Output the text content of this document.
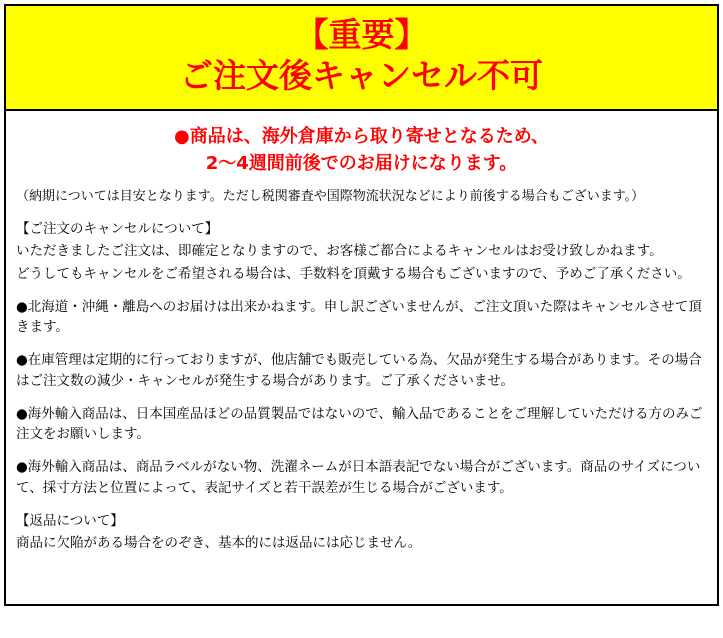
【重要】
ご注文後キャンセル不可
●商品は、海外倉庫から取り寄せとなるため、
2～4週間前後でのお届けになります。
（納期については目安となります。ただし税関審査や国際物流状況などにより前後する場合もございます。）
【ご注文のキャンセルについて】
いただきましたご注文は、即確定となりますので、お客様ご都合によるキャンセルはお受け致しかねます。
どうしてもキャンセルをご希望される場合は、手数料を頂戴する場合もございますので、予めご了承ください。
●北海道・沖縄・離島へのお届けは出来かねます。申し訳ございませんが、ご注文頂いた際はキャンセルさせて頂きます。
●在庫管理は定期的に行っておりますが、他店舗でも販売している為、欠品が発生する場合があります。その場合はご注文数の減少・キャンセルが発生する場合があります。ご了承くださいませ。
●海外輸入商品は、日本国産品ほどの品質製品ではないので、輸入品であることをご理解していただける方のみご注文をお願いします。
●海外輸入商品は、商品ラベルがない物、洗濯ネームが日本語表記でない場合がございます。商品のサイズについて、採寸方法と位置によって、表記サイズと若干誤差が生じる場合がございます。
【返品について】
商品に欠陥がある場合をのぞき、基本的には返品には応じません。
